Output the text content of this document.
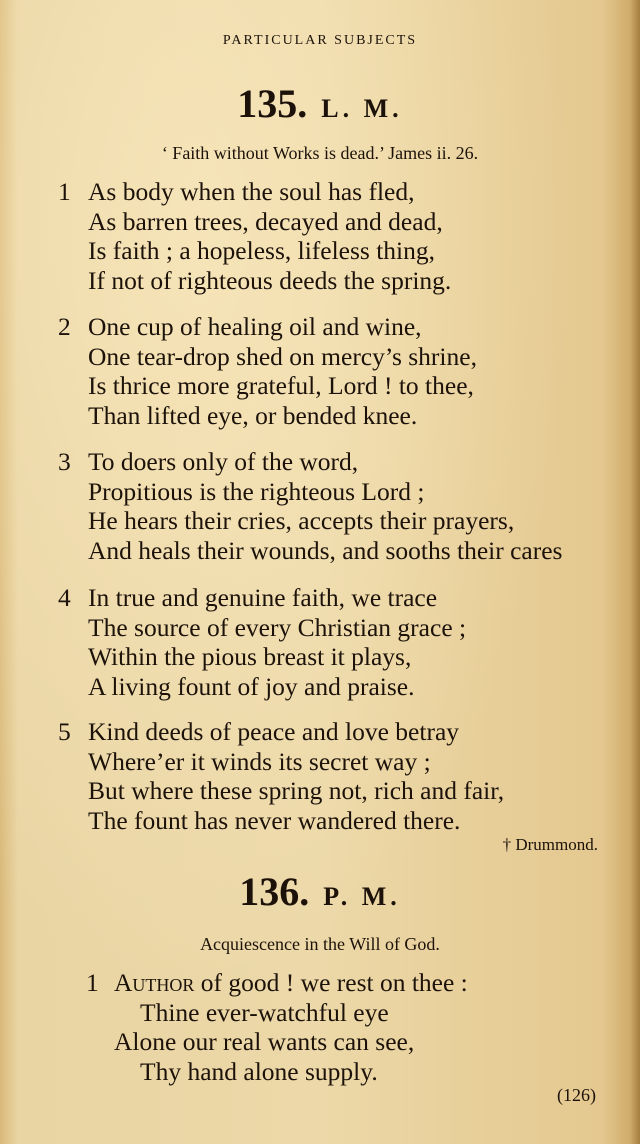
PARTICULAR SUBJECTS
135. L. M.
‘ Faith without Works is dead.’ James ii. 26.
1 As body when the soul has fled,
As barren trees, decayed and dead,
Is faith ; a hopeless, lifeless thing,
If not of righteous deeds the spring.
2 One cup of healing oil and wine,
One tear-drop shed on mercy’s shrine,
Is thrice more grateful, Lord ! to thee,
Than lifted eye, or bended knee.
3 To doers only of the word,
Propitious is the righteous Lord ;
He hears their cries, accepts their prayers,
And heals their wounds, and sooths their cares
4 In true and genuine faith, we trace
The source of every Christian grace ;
Within the pious breast it plays,
A living fount of joy and praise.
5 Kind deeds of peace and love betray
Where’er it winds its secret way ;
But where these spring not, rich and fair,
The fount has never wandered there.
† Drummond.
136. P. M.
Acquiescence in the Will of God.
1 Author of good ! we rest on thee :
Thine ever-watchful eye
Alone our real wants can see,
Thy hand alone supply.
(126)
